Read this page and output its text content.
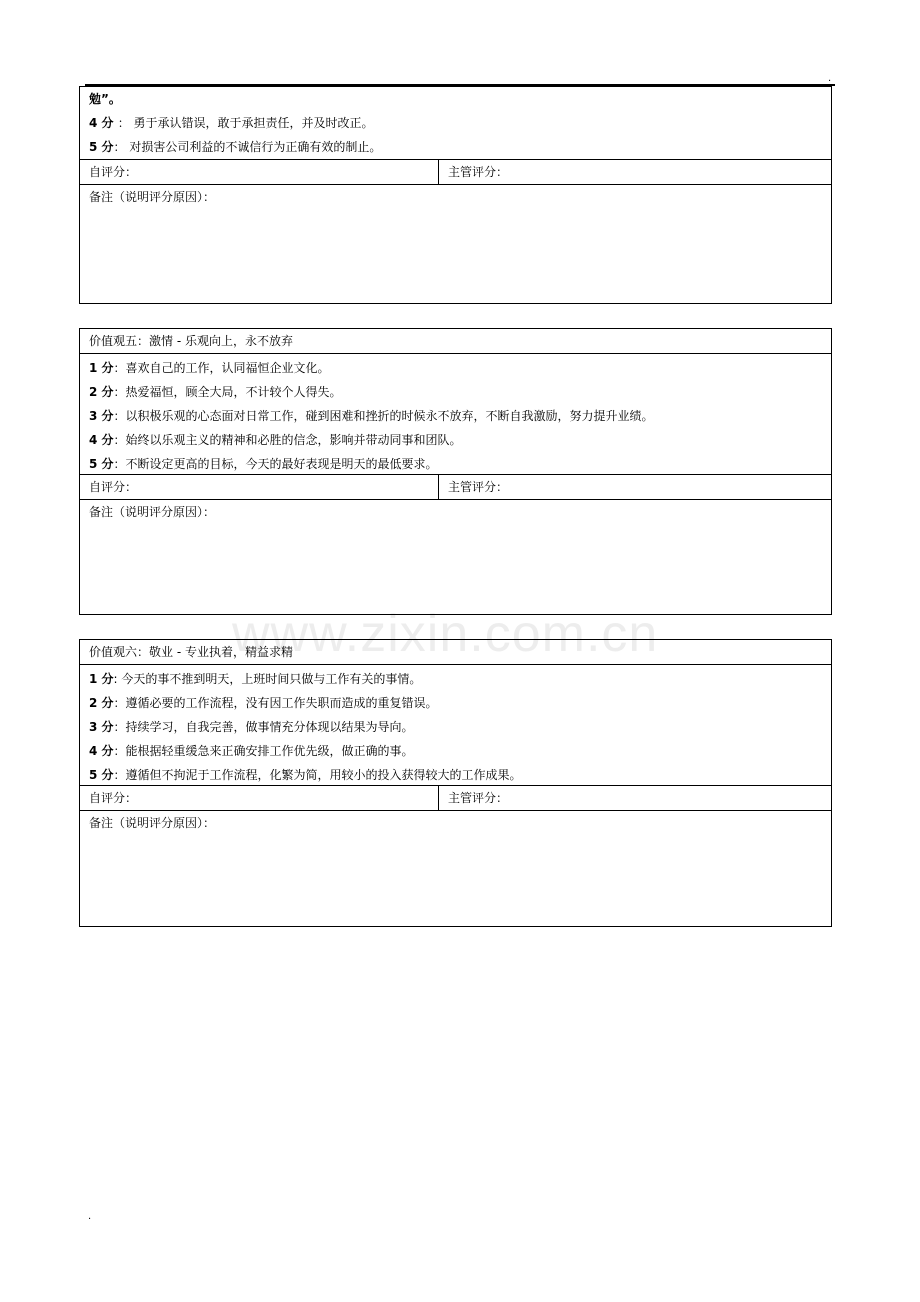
.
勉”。
4 分 ： 勇于承认错误，敢于承担责任，并及时改正。
5 分： 对损害公司利益的不诚信行为正确有效的制止。
自评分：	主管评分：
备注（说明评分原因）：
价值观五：激情 - 乐观向上，永不放弃
1 分：喜欢自己的工作，认同福恒企业文化。
2 分：热爱福恒，顾全大局，不计较个人得失。
3 分：以积极乐观的心态面对日常工作，碰到困难和挫折的时候永不放弃，不断自我激励，努力提升业绩。
4 分：始终以乐观主义的精神和必胜的信念，影响并带动同事和团队。
5 分：不断设定更高的目标，今天的最好表现是明天的最低要求。
自评分：	主管评分：
备注（说明评分原因）：
价值观六：敬业 - 专业执着，精益求精
1 分: 今天的事不推到明天，上班时间只做与工作有关的事情。
2 分：遵循必要的工作流程，没有因工作失职而造成的重复错误。
3 分：持续学习，自我完善，做事情充分体现以结果为导向。
4 分：能根据轻重缓急来正确安排工作优先级，做正确的事。
5 分：遵循但不拘泥于工作流程，化繁为简，用较小的投入获得较大的工作成果。
自评分：	主管评分：
备注（说明评分原因）：
www.zixin.com.cn
.
